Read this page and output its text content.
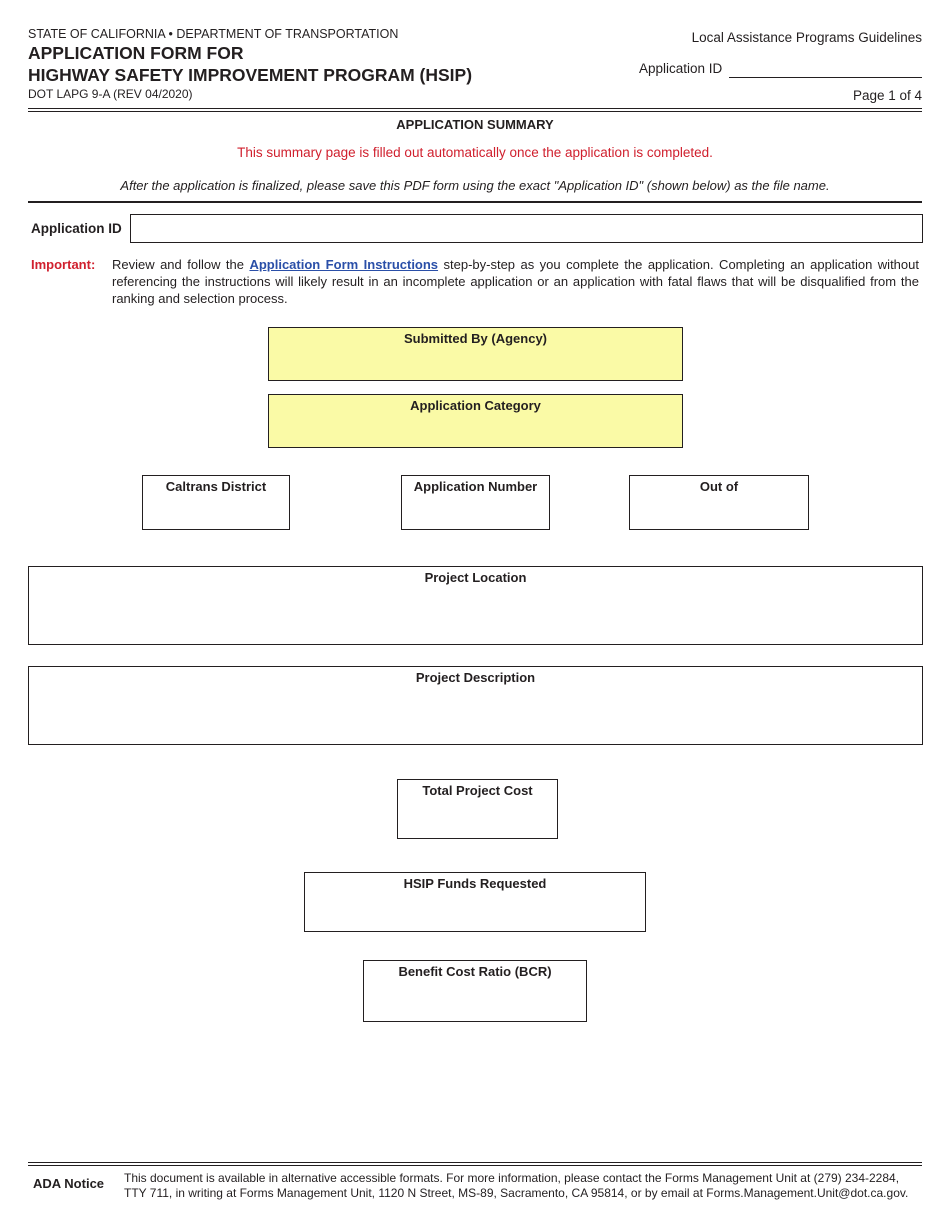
STATE OF CALIFORNIA • DEPARTMENT OF TRANSPORTATION
APPLICATION FORM FOR
HIGHWAY SAFETY IMPROVEMENT PROGRAM (HSIP)
DOT LAPG 9-A (REV 04/2020)
Local Assistance Programs Guidelines
Application ID
Page 1 of 4
APPLICATION SUMMARY
This summary page is filled out automatically once the application is completed.
After the application is finalized, please save this PDF form using the exact "Application ID" (shown below) as the file name.
Application ID
Important: Review and follow the Application Form Instructions step-by-step as you complete the application. Completing an application without referencing the instructions will likely result in an incomplete application or an application with fatal flaws that will be disqualified from the ranking and selection process.
Submitted By (Agency)
Application Category
Caltrans District	Application Number	Out of
Project Location
Project Description
Total Project Cost
HSIP Funds Requested
Benefit Cost Ratio (BCR)
ADA Notice This document is available in alternative accessible formats. For more information, please contact the Forms Management Unit at (279) 234-2284, TTY 711, in writing at Forms Management Unit, 1120 N Street, MS-89, Sacramento, CA 95814, or by email at Forms.Management.Unit@dot.ca.gov.
